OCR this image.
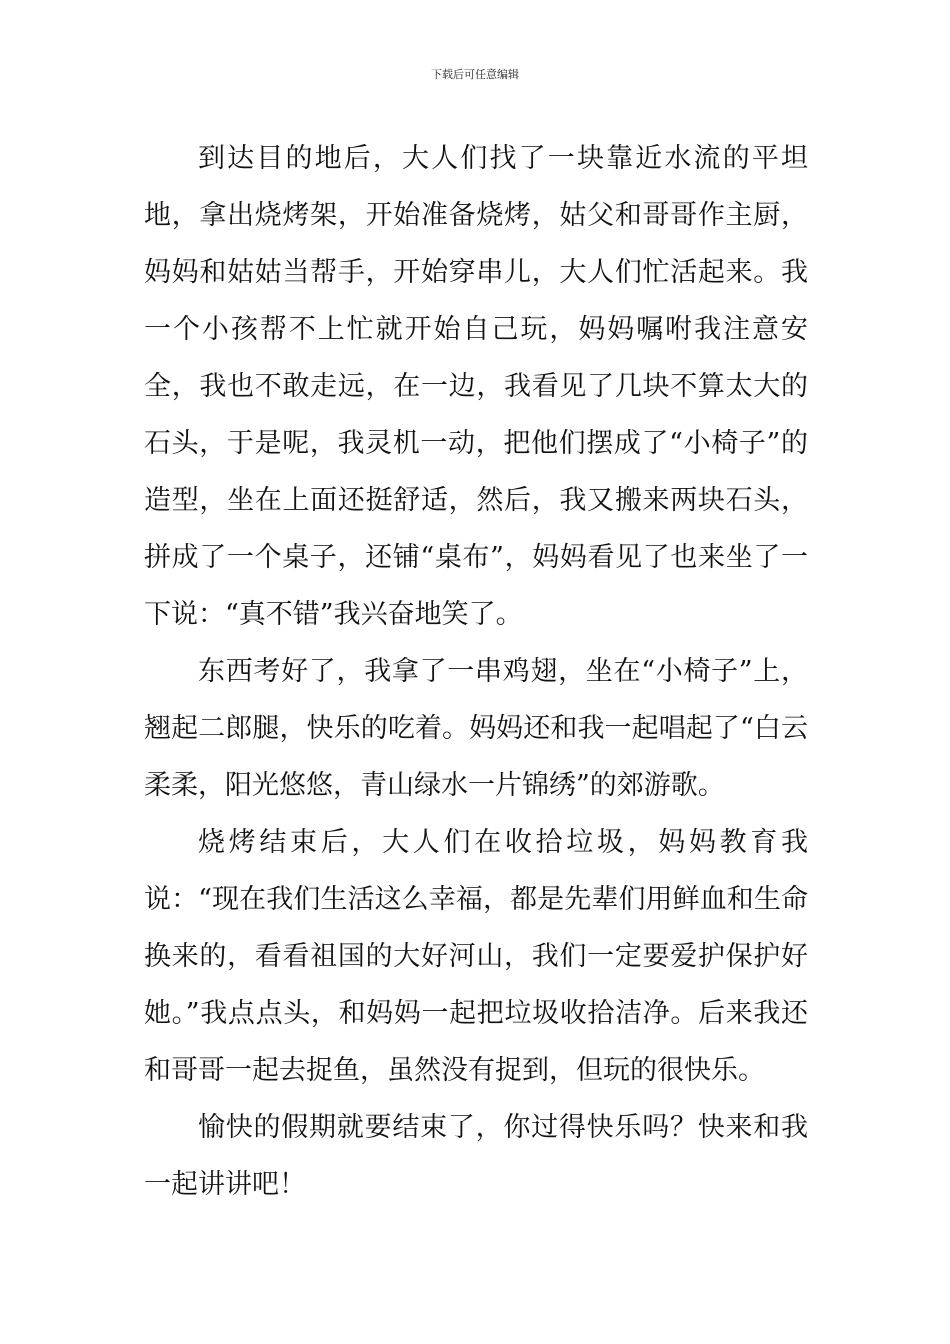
下载后可任意编辑

到达目的地后，大人们找了一块靠近水流的平坦地，拿出烧烤架，开始准备烧烤，姑父和哥哥作主厨，妈妈和姑姑当帮手，开始穿串儿，大人们忙活起来。我一个小孩帮不上忙就开始自己玩，妈妈嘱咐我注意安全，我也不敢走远，在一边，我看见了几块不算太大的石头，于是呢，我灵机一动，把他们摆成了“小椅子”的造型，坐在上面还挺舒适，然后，我又搬来两块石头，拼成了一个桌子，还铺“桌布”，妈妈看见了也来坐了一下说：“真不错”我兴奋地笑了。

东西考好了，我拿了一串鸡翅，坐在“小椅子”上，翘起二郎腿，快乐的吃着。妈妈还和我一起唱起了“白云柔柔，阳光悠悠，青山绿水一片锦绣”的郊游歌。

烧烤结束后，大人们在收拾垃圾，妈妈教育我说：“现在我们生活这么幸福，都是先辈们用鲜血和生命换来的，看看祖国的大好河山，我们一定要爱护保护好她。”我点点头，和妈妈一起把垃圾收拾洁净。后来我还和哥哥一起去捉鱼，虽然没有捉到，但玩的很快乐。

愉快的假期就要结束了，你过得快乐吗？快来和我一起讲讲吧！
